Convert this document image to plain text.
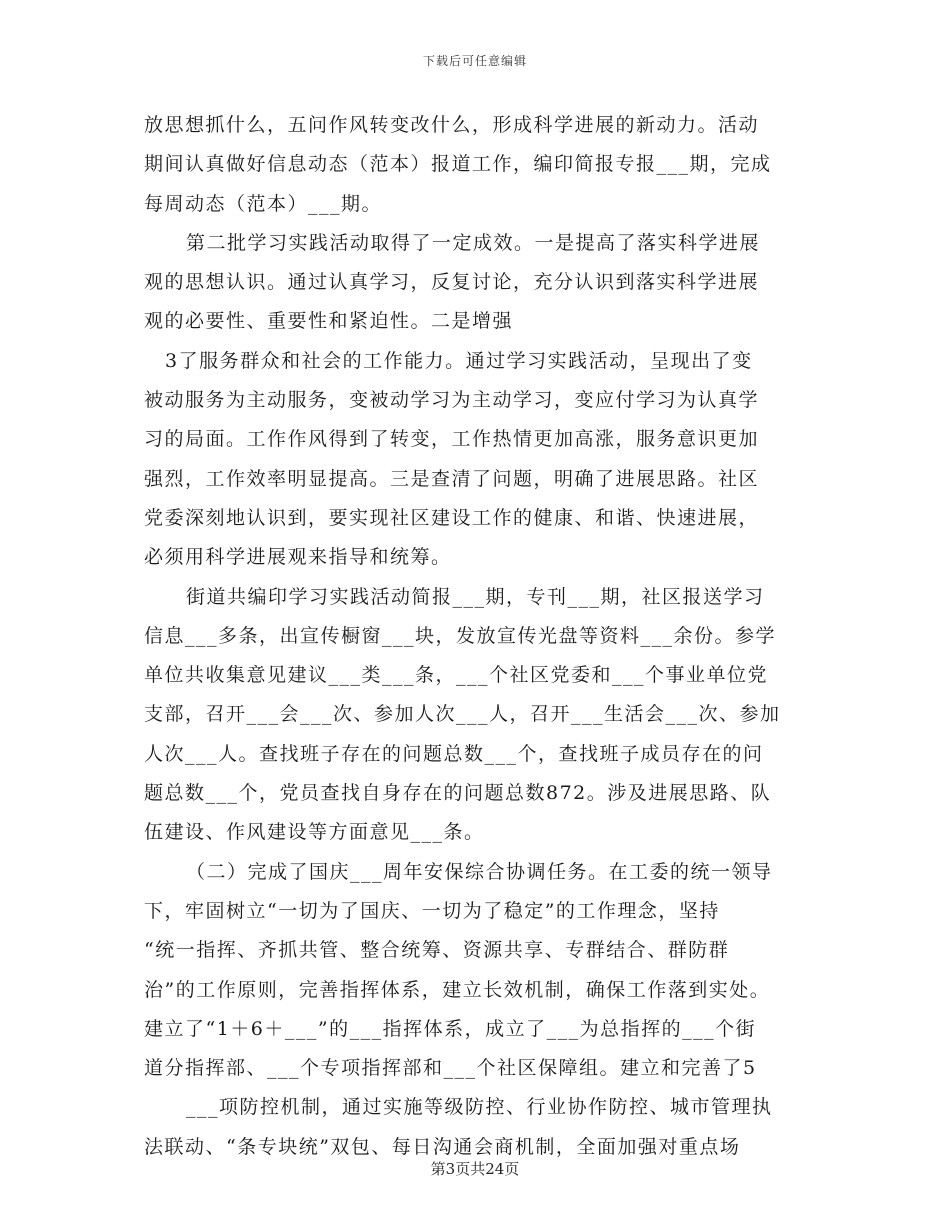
下载后可任意编辑
放思想抓什么，五问作风转变改什么，形成科学进展的新动力。活动
期间认真做好信息动态（范本）报道工作，编印简报专报___期，完成
每周动态（范本）___期。
第二批学习实践活动取得了一定成效。一是提高了落实科学进展
观的思想认识。通过认真学习，反复讨论，充分认识到落实科学进展
观的必要性、重要性和紧迫性。二是增强
3了服务群众和社会的工作能力。通过学习实践活动，呈现出了变
被动服务为主动服务，变被动学习为主动学习，变应付学习为认真学
习的局面。工作作风得到了转变，工作热情更加高涨，服务意识更加
强烈，工作效率明显提高。三是查清了问题，明确了进展思路。社区
党委深刻地认识到，要实现社区建设工作的健康、和谐、快速进展，
必须用科学进展观来指导和统筹。
街道共编印学习实践活动简报___期，专刊___期，社区报送学习
信息___多条，出宣传橱窗___块，发放宣传光盘等资料___余份。参学
单位共收集意见建议___类___条，___个社区党委和___个事业单位党
支部，召开___会___次、参加人次___人，召开___生活会___次、参加
人次___人。查找班子存在的问题总数___个，查找班子成员存在的问
题总数___个，党员查找自身存在的问题总数872。涉及进展思路、队
伍建设、作风建设等方面意见___条。
（二）完成了国庆___周年安保综合协调任务。在工委的统一领导
下，牢固树立“一切为了国庆、一切为了稳定”的工作理念，坚持
“统一指挥、齐抓共管、整合统筹、资源共享、专群结合、群防群
治”的工作原则，完善指挥体系，建立长效机制，确保工作落到实处。
建立了“1＋6＋___”的___指挥体系，成立了___为总指挥的___个街
道分指挥部、___个专项指挥部和___个社区保障组。建立和完善了5
___项防控机制，通过实施等级防控、行业协作防控、城市管理执
法联动、“条专块统”双包、每日沟通会商机制，全面加强对重点场
第3页共24页
